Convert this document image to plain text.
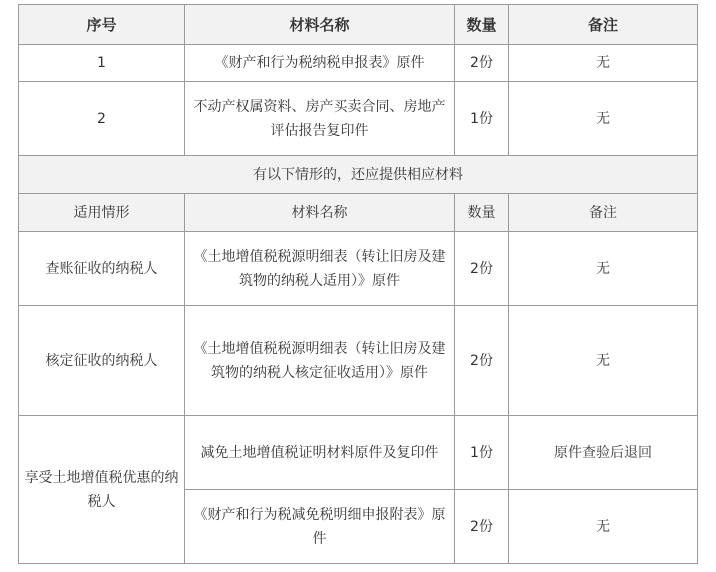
序号	材料名称	数量	备注
1	《财产和行为税纳税申报表》原件	2份	无
2	不动产权属资料、房产买卖合同、房地产评估报告复印件	1份	无
有以下情形的，还应提供相应材料			
适用情形	材料名称	数量	备注
查账征收的纳税人	《土地增值税税源明细表（转让旧房及建筑物的纳税人适用）》原件	2份	无
核定征收的纳税人	《土地增值税税源明细表（转让旧房及建筑物的纳税人核定征收适用）》原件	2份	无
享受土地增值税优惠的纳税人	减免土地增值税证明材料原件及复印件	1份	原件查验后退回
	《财产和行为税减免税明细申报附表》原件	2份	无
